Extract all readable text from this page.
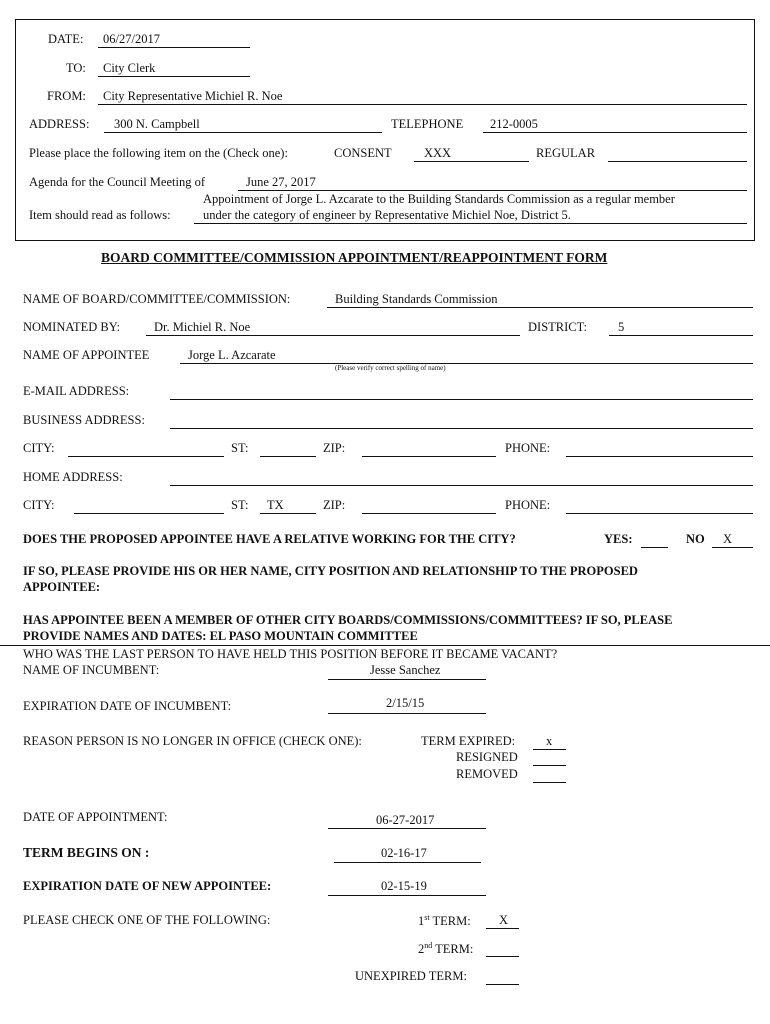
DATE: 06/27/2017
TO: City Clerk
FROM: City Representative Michiel R. Noe
ADDRESS: 300 N. Campbell	TELEPHONE 212-0005
Please place the following item on the (Check one):	CONSENT	XXX	REGULAR
Agenda for the Council Meeting of	June 27, 2017
Appointment of Jorge L. Azcarate to the Building Standards Commission as a regular member
Item should read as follows:	under the category of engineer by Representative Michiel Noe, District 5.
BOARD COMMITTEE/COMMISSION APPOINTMENT/REAPPOINTMENT FORM
NAME OF BOARD/COMMITTEE/COMMISSION:	Building Standards Commission
NOMINATED BY:	Dr. Michiel R. Noe	DISTRICT: 5
NAME OF APPOINTEE	Jorge L. Azcarate
(Please verify correct spelling of name)
E-MAIL ADDRESS:
BUSINESS ADDRESS:
CITY:	ST:	ZIP:	PHONE:
HOME ADDRESS:
CITY:	ST: TX	ZIP:	PHONE:
DOES THE PROPOSED APPOINTEE HAVE A RELATIVE WORKING FOR THE CITY?	YES:	NO X
IF SO, PLEASE PROVIDE HIS OR HER NAME, CITY POSITION AND RELATIONSHIP TO THE PROPOSED
APPOINTEE:
HAS APPOINTEE BEEN A MEMBER OF OTHER CITY BOARDS/COMMISSIONS/COMMITTEES? IF SO, PLEASE
PROVIDE NAMES AND DATES: EL PASO MOUNTAIN COMMITTEE
WHO WAS THE LAST PERSON TO HAVE HELD THIS POSITION BEFORE IT BECAME VACANT?
NAME OF INCUMBENT:	Jesse Sanchez
EXPIRATION DATE OF INCUMBENT:	2/15/15
REASON PERSON IS NO LONGER IN OFFICE (CHECK ONE):	TERM EXPIRED: x
RESIGNED
REMOVED
DATE OF APPOINTMENT:	06-27-2017
TERM BEGINS ON :	02-16-17
EXPIRATION DATE OF NEW APPOINTEE:	02-15-19
PLEASE CHECK ONE OF THE FOLLOWING:	1st TERM: X
2nd TERM:
UNEXPIRED TERM:
